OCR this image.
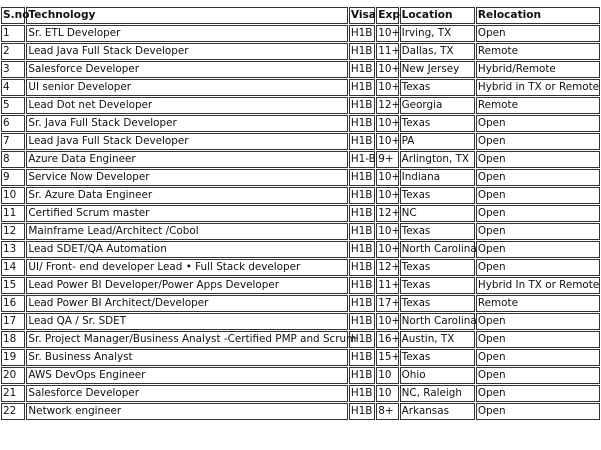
S.no	Technology	Visa	Exp	Location	Relocation
1	Sr. ETL Developer	H1B	10+	Irving, TX	Open
2	Lead Java Full Stack Developer	H1B	11+	Dallas, TX	Remote
3	Salesforce Developer	H1B	10+	New Jersey	Hybrid/Remote
4	UI senior Developer	H1B	10+	Texas	Hybrid in TX or Remote
5	Lead Dot net Developer	H1B	12+	Georgia	Remote
6	Sr. Java Full Stack Developer	H1B	10+	Texas	Open
7	Lead Java Full Stack Developer	H1B	10+	PA	Open
8	Azure Data Engineer	H1-B	9+	Arlington, TX	Open
9	Service Now Developer	H1B	10+	Indiana	Open
10	Sr. Azure Data Engineer	H1B	10+	Texas	Open
11	Certified Scrum master	H1B	12+	NC	Open
12	Mainframe Lead/Architect /Cobol	H1B	10+	Texas	Open
13	Lead SDET/QA Automation	H1B	10+	North Carolina	Open
14	UI/ Front- end developer Lead • Full Stack developer	H1B	12+	Texas	Open
15	Lead Power BI Developer/Power Apps Developer	H1B	11+	Texas	Hybrid In TX or Remote
16	Lead Power BI Architect/Developer	H1B	17+	Texas	Remote
17	Lead QA / Sr. SDET	H1B	10+	North Carolina	Open
18	Sr. Project Manager/Business Analyst -Certified PMP and Scrum	H1B	16+	Austin, TX	Open
19	Sr. Business Analyst	H1B	15+	Texas	Open
20	AWS DevOps Engineer	H1B	10	Ohio	Open
21	Salesforce Developer	H1B	10	NC, Raleigh	Open
22	Network engineer	H1B	8+	Arkansas	Open
